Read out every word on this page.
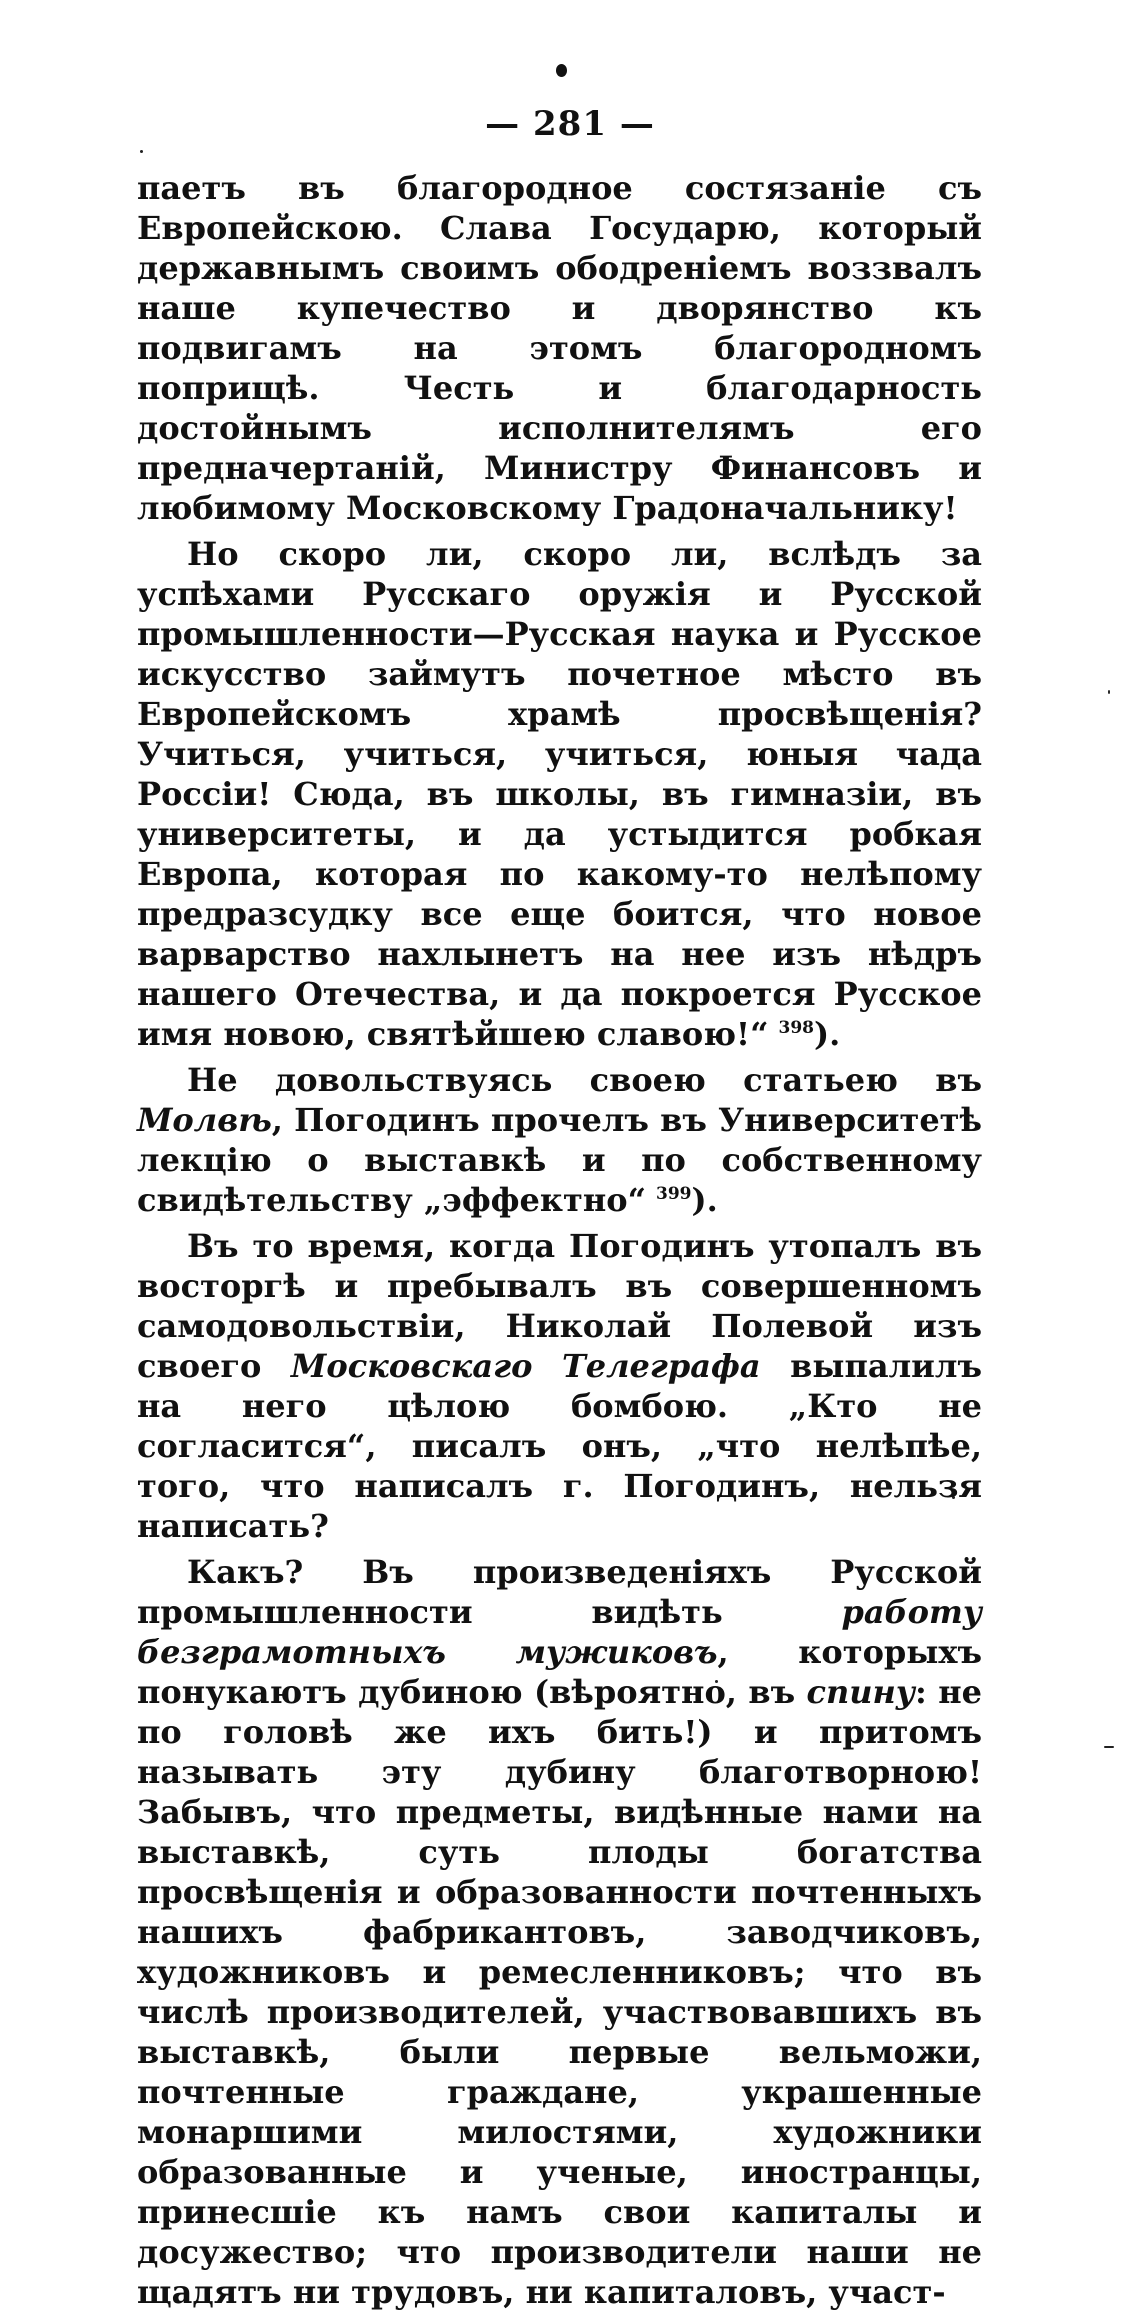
— 281 —

паетъ въ благородное состязаніе съ Европейскою. Слава Государю, который державнымъ своимъ ободреніемъ воззвалъ наше купечество и дворянство къ подвигамъ на этомъ благородномъ поприщѣ. Честь и благодарность достойнымъ исполнителямъ его предначертаній, Министру Финансовъ и любимому Московскому Градоначальнику!

Но скоро ли, скоро ли, вслѣдъ за успѣхами Русскаго оружія и Русской промышленности—Русская наука и Русское искусство займутъ почетное мѣсто въ Европейскомъ храмѣ просвѣщенія? Учиться, учиться, учиться, юныя чада Россіи! Сюда, въ школы, въ гимназіи, въ университеты, и да устыдится робкая Европа, которая по какому-то нелѣпому предразсудку все еще боится, что новое варварство нахлынетъ на нее изъ нѣдръ нашего Отечества, и да покроется Русское имя новою, святѣйшею славою!“ $^{398}$).

Не довольствуясь своею статьею въ Молвѣ, Погодинъ прочелъ въ Университетѣ лекцію о выставкѣ и по собственному свидѣтельству „эффектно“ $^{399}$).

Въ то время, когда Погодинъ утопалъ въ восторгѣ и пребывалъ въ совершенномъ самодовольствіи, Николай Полевой изъ своего Московскаго Телеграфа выпалилъ на него цѣлою бомбою. „Кто не согласится“, писалъ онъ, „что нелѣпѣе, того, что написалъ г. Погодинъ, нельзя написать?

Какъ? Въ произведеніяхъ Русской промышленности видѣть работу безграмотныхъ мужиковъ, которыхъ понукаютъ дубиною (вѣроятно, въ спину: не по головѣ же ихъ бить!) и притомъ называть эту дубину благотворною! Забывъ, что предметы, видѣнные нами на выставкѣ, суть плоды богатства просвѣщенія и образованности почтенныхъ нашихъ фабрикантовъ, заводчиковъ, художниковъ и ремесленниковъ; что въ числѣ производителей, участвовавшихъ въ выставкѣ, были первые вельможи, почтенные граждане, украшенные монаршими милостями, художники образованные и ученые, иностранцы, принесшіе къ намъ свои капиталы и досужество; что производители наши не щадятъ ни трудовъ, ни капиталовъ, участ-
